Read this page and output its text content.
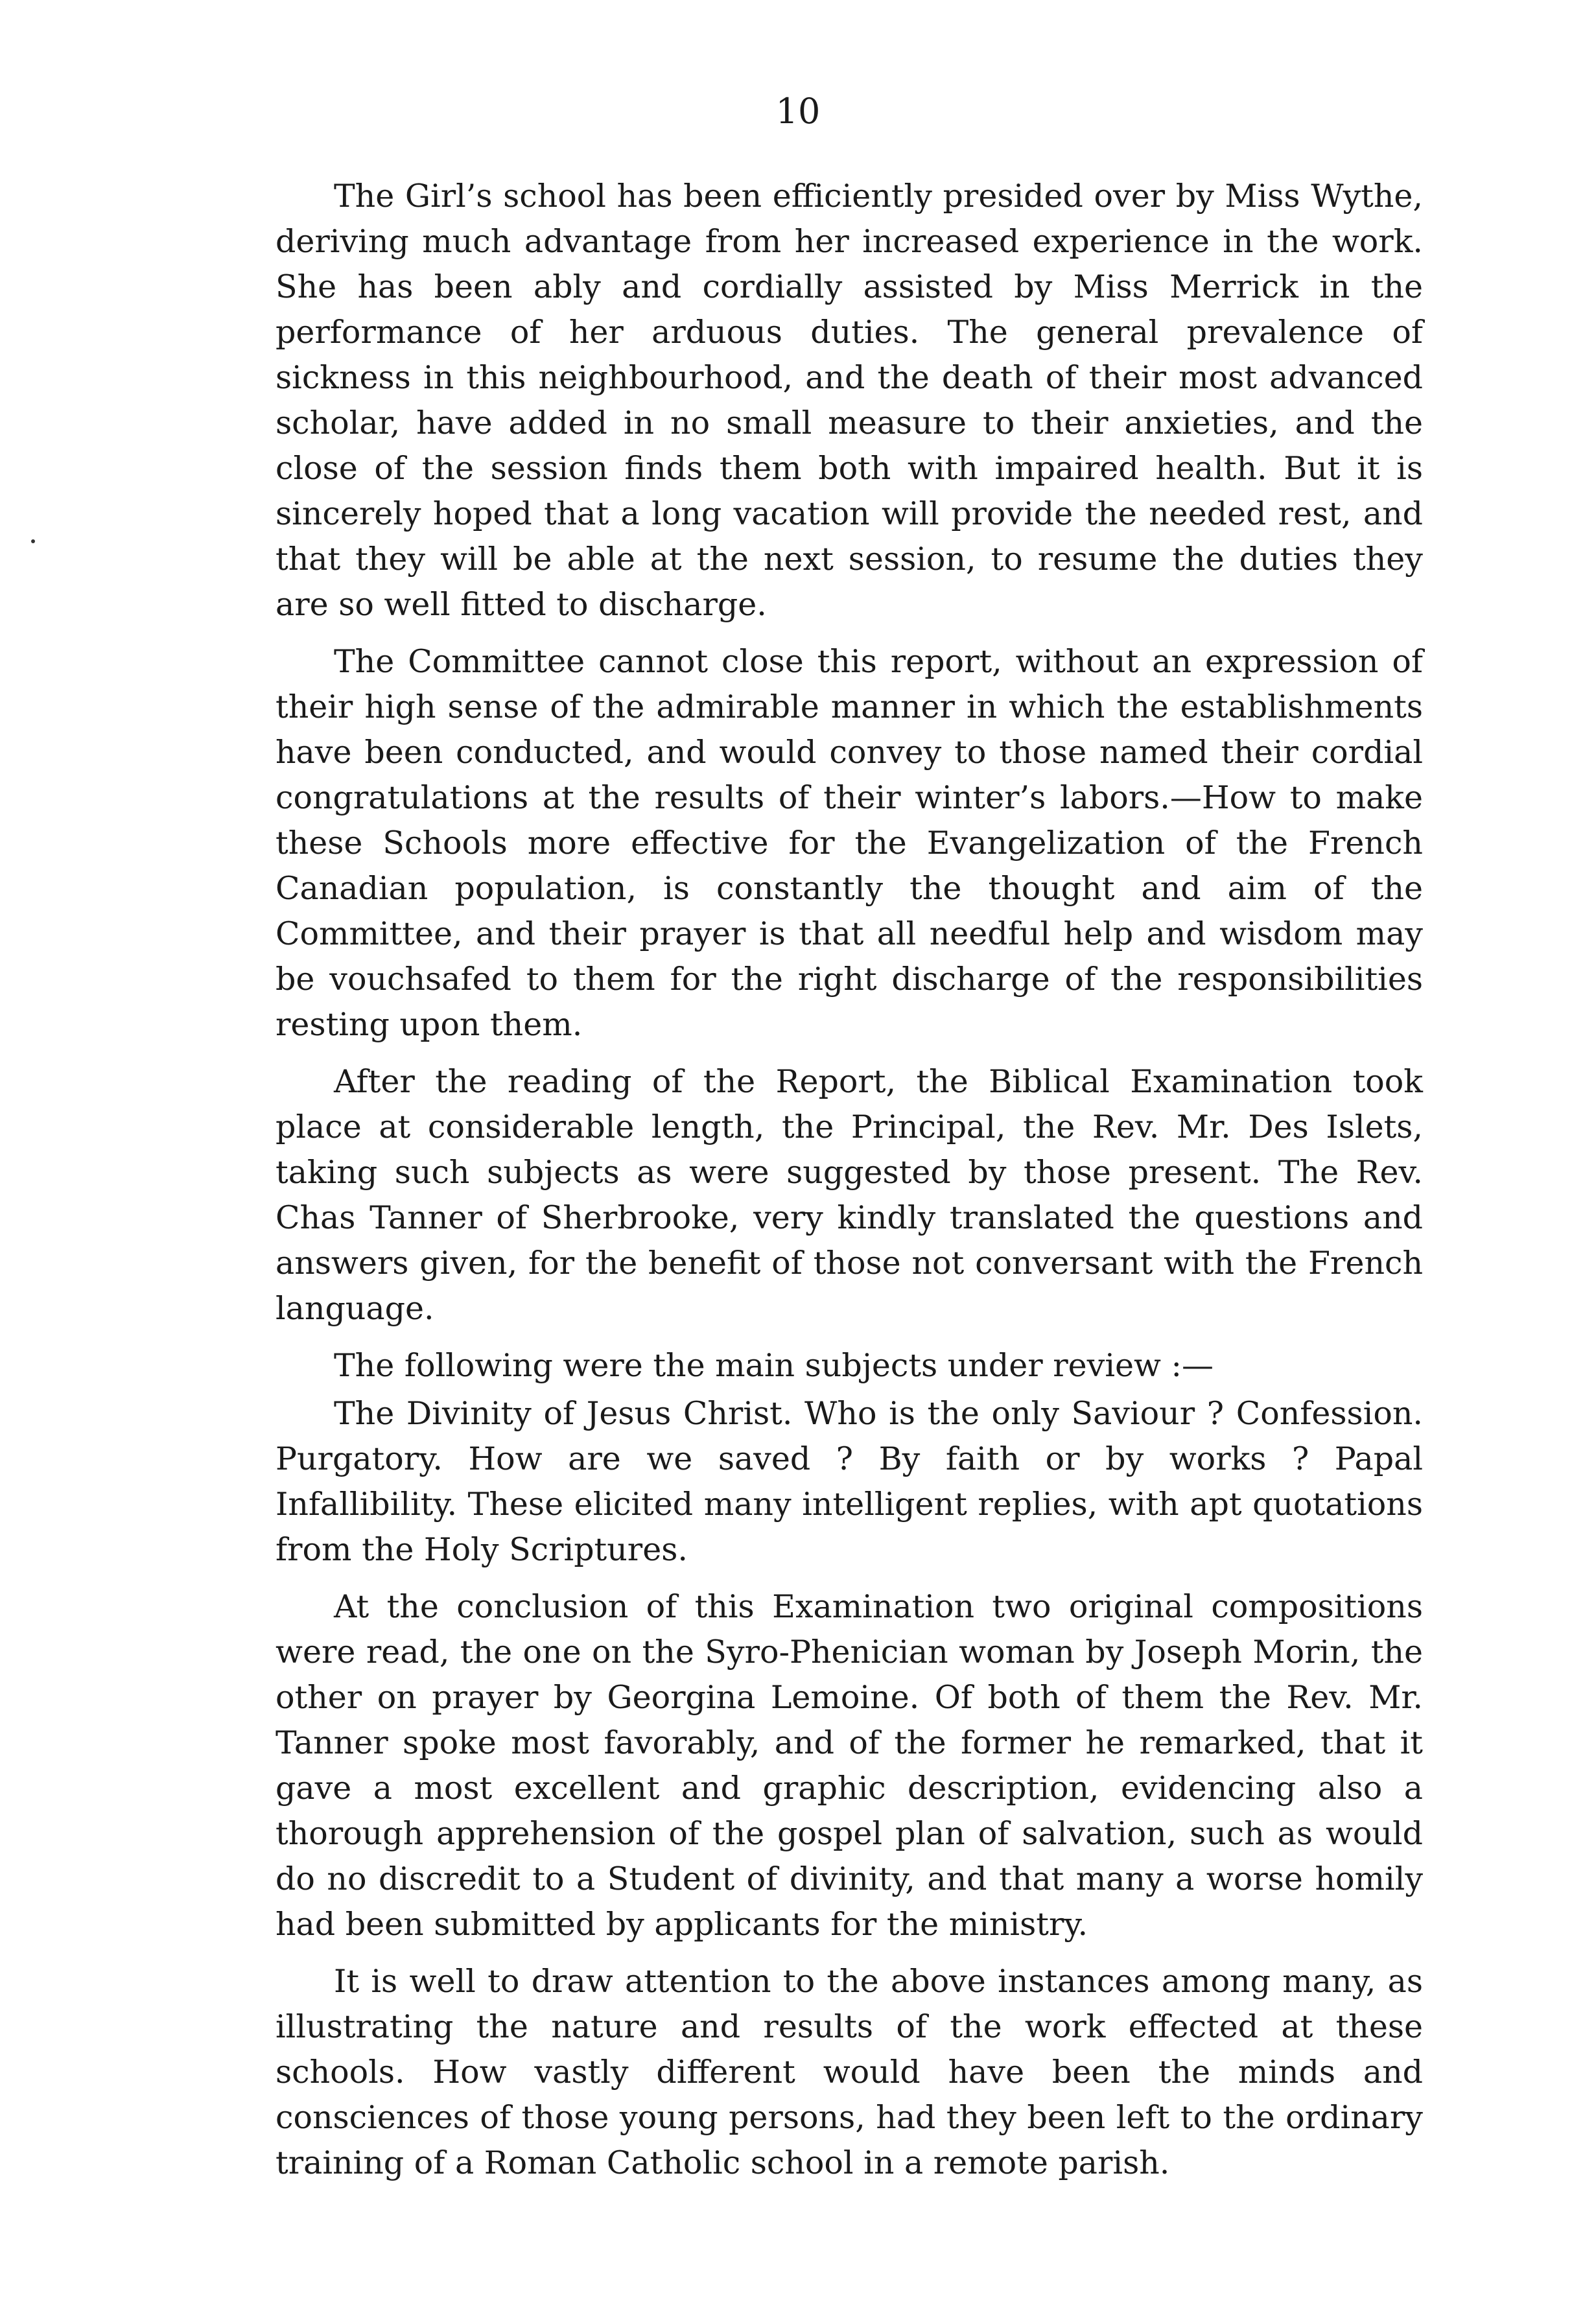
10

The Girl’s school has been efficiently presided over by Miss Wythe, deriving much advantage from her increased experience in the work. She has been ably and cordially assisted by Miss Merrick in the performance of her arduous duties. The general prevalence of sickness in this neighbourhood, and the death of their most advanced scholar, have added in no small measure to their anxieties, and the close of the session finds them both with impaired health. But it is sincerely hoped that a long vacation will provide the needed rest, and that they will be able at the next session, to resume the duties they are so well fitted to discharge.

The Committee cannot close this report, without an expression of their high sense of the admirable manner in which the establishments have been conducted, and would convey to those named their cordial congratulations at the results of their winter’s labors.—How to make these Schools more effective for the Evangelization of the French Canadian population, is constantly the thought and aim of the Committee, and their prayer is that all needful help and wisdom may be vouchsafed to them for the right discharge of the responsibilities resting upon them.

After the reading of the Report, the Biblical Examination took place at considerable length, the Principal, the Rev. Mr. Des Islets, taking such subjects as were suggested by those present. The Rev. Chas Tanner of Sherbrooke, very kindly translated the questions and answers given, for the benefit of those not conversant with the French language.

The following were the main subjects under review :—

The Divinity of Jesus Christ. Who is the only Saviour ? Confession. Purgatory. How are we saved ? By faith or by works ? Papal Infallibility. These elicited many intelligent replies, with apt quotations from the Holy Scriptures.

At the conclusion of this Examination two original compositions were read, the one on the Syro-Phenician woman by Joseph Morin, the other on prayer by Georgina Lemoine. Of both of them the Rev. Mr. Tanner spoke most favorably, and of the former he remarked, that it gave a most excellent and graphic description, evidencing also a thorough apprehension of the gospel plan of salvation, such as would do no discredit to a Student of divinity, and that many a worse homily had been submitted by applicants for the ministry.

It is well to draw attention to the above instances among many, as illustrating the nature and results of the work effected at these schools. How vastly different would have been the minds and consciences of those young persons, had they been left to the ordinary training of a Roman Catholic school in a remote parish.
